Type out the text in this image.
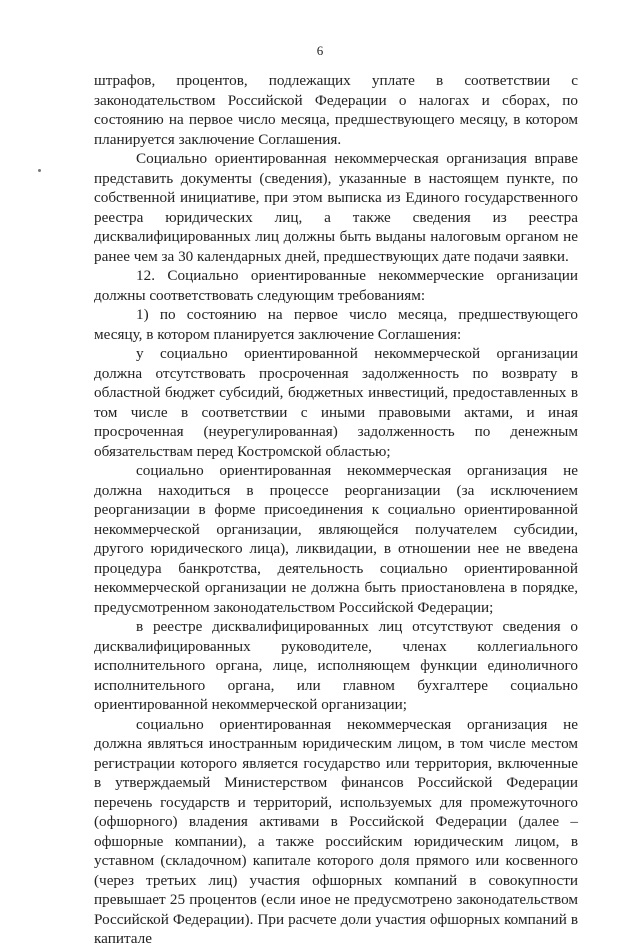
6

штрафов, процентов, подлежащих уплате в соответствии с законодательством Российской Федерации о налогах и сборах, по состоянию на первое число месяца, предшествующего месяцу, в котором планируется заключение Соглашения.

Социально ориентированная некоммерческая организация вправе представить документы (сведения), указанные в настоящем пункте, по собственной инициативе, при этом выписка из Единого государственного реестра юридических лиц, а также сведения из реестра дисквалифицированных лиц должны быть выданы налоговым органом не ранее чем за 30 календарных дней, предшествующих дате подачи заявки.

12. Социально ориентированные некоммерческие организации должны соответствовать следующим требованиям:

1) по состоянию на первое число месяца, предшествующего месяцу, в котором планируется заключение Соглашения:

у социально ориентированной некоммерческой организации должна отсутствовать просроченная задолженность по возврату в областной бюджет субсидий, бюджетных инвестиций, предоставленных в том числе в соответствии с иными правовыми актами, и иная просроченная (неурегулированная) задолженность по денежным обязательствам перед Костромской областью;

социально ориентированная некоммерческая организация не должна находиться в процессе реорганизации (за исключением реорганизации в форме присоединения к социально ориентированной некоммерческой организации, являющейся получателем субсидии, другого юридического лица), ликвидации, в отношении нее не введена процедура банкротства, деятельность социально ориентированной некоммерческой организации не должна быть приостановлена в порядке, предусмотренном законодательством Российской Федерации;

в реестре дисквалифицированных лиц отсутствуют сведения о дисквалифицированных руководителе, членах коллегиального исполнительного органа, лице, исполняющем функции единоличного исполнительного органа, или главном бухгалтере социально ориентированной некоммерческой организации;

социально ориентированная некоммерческая организация не должна являться иностранным юридическим лицом, в том числе местом регистрации которого является государство или территория, включенные в утверждаемый Министерством финансов Российской Федерации перечень государств и территорий, используемых для промежуточного (офшорного) владения активами в Российской Федерации (далее – офшорные компании), а также российским юридическим лицом, в уставном (складочном) капитале которого доля прямого или косвенного (через третьих лиц) участия офшорных компаний в совокупности превышает 25 процентов (если иное не предусмотрено законодательством Российской Федерации). При расчете доли участия офшорных компаний в капитале
